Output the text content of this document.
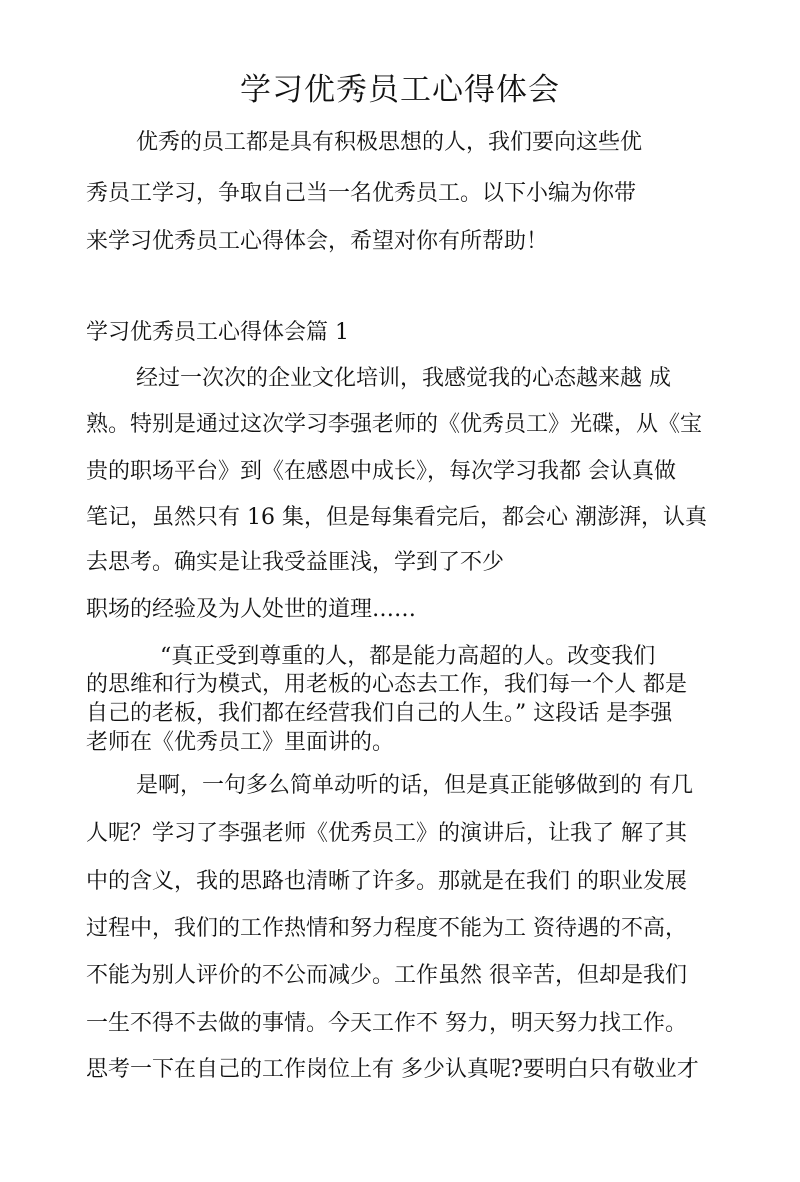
学习优秀员工心得体会
优秀的员工都是具有积极思想的人，我们要向这些优
秀员工学习，争取自己当一名优秀员工。以下小编为你带
来学习优秀员工心得体会，希望对你有所帮助！
学习优秀员工心得体会篇 1
经过一次次的企业文化培训，我感觉我的心态越来越 成
熟。特别是通过这次学习李强老师的《优秀员工》光碟，从《宝
贵的职场平台》到《在感恩中成长》，每次学习我都 会认真做
笔记，虽然只有 16 集，但是每集看完后，都会心 潮澎湃，认真
去思考。确实是让我受益匪浅，学到了不少
职场的经验及为人处世的道理……
“真正受到尊重的人，都是能力高超的人。改变我们
的思维和行为模式，用老板的心态去工作，我们每一个人 都是
自己的老板，我们都在经营我们自己的人生。” 这段话 是李强
老师在《优秀员工》里面讲的。
是啊，一句多么简单动听的话，但是真正能够做到的 有几
人呢？学习了李强老师《优秀员工》的演讲后，让我了 解了其
中的含义，我的思路也清晰了许多。那就是在我们 的职业发展
过程中，我们的工作热情和努力程度不能为工 资待遇的不高，
不能为别人评价的不公而减少。工作虽然 很辛苦，但却是我们
一生不得不去做的事情。今天工作不 努力，明天努力找工作。
思考一下在自己的工作岗位上有 多少认真呢?要明白只有敬业才
